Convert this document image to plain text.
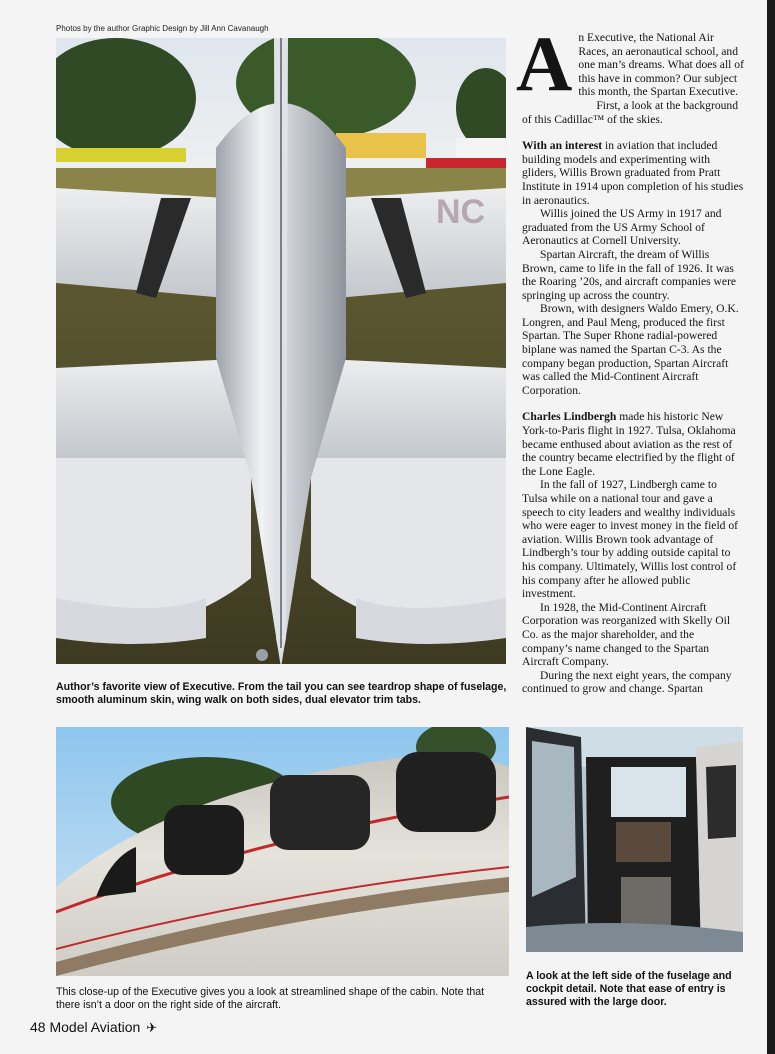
Photos by the author Graphic Design by Jill Ann Cavanaugh
NC
Author’s favorite view of Executive. From the tail you can see teardrop shape of fuselage, smooth aluminum skin, wing walk on both sides, dual elevator trim tabs.

An Executive, the National Air Races, an aeronautical school, and one man’s dreams. What does all of this have in common? Our subject this month, the Spartan Executive.

First, a look at the background of this Cadillac™ of the skies.

With an interest in aviation that included building models and experimenting with gliders, Willis Brown graduated from Pratt Institute in 1914 upon completion of his studies in aeronautics.

Willis joined the US Army in 1917 and graduated from the US Army School of Aeronautics at Cornell University.

Spartan Aircraft, the dream of Willis Brown, came to life in the fall of 1926. It was the Roaring ’20s, and aircraft companies were springing up across the country.

Brown, with designers Waldo Emery, O.K. Longren, and Paul Meng, produced the first Spartan. The Super Rhone radial-powered biplane was named the Spartan C-3. As the company began production, Spartan Aircraft was called the Mid-Continent Aircraft Corporation.

Charles Lindbergh made his historic New York-to-Paris flight in 1927. Tulsa, Oklahoma became enthused about aviation as the rest of the country became electrified by the flight of the Lone Eagle.

In the fall of 1927, Lindbergh came to Tulsa while on a national tour and gave a speech to city leaders and wealthy individuals who were eager to invest money in the field of aviation. Willis Brown took advantage of Lindbergh’s tour by adding outside capital to his company. Ultimately, Willis lost control of his company after he allowed public investment.

In 1928, the Mid-Continent Aircraft Corporation was reorganized with Skelly Oil Co. as the major shareholder, and the company’s name changed to the Spartan Aircraft Company.

During the next eight years, the company continued to grow and change. Spartan

This close-up of the Executive gives you a look at streamlined shape of the cabin. Note that there isn’t a door on the right side of the aircraft.
A look at the left side of the fuselage and cockpit detail. Note that ease of entry is assured with the large door.
48 Model Aviation ✈
